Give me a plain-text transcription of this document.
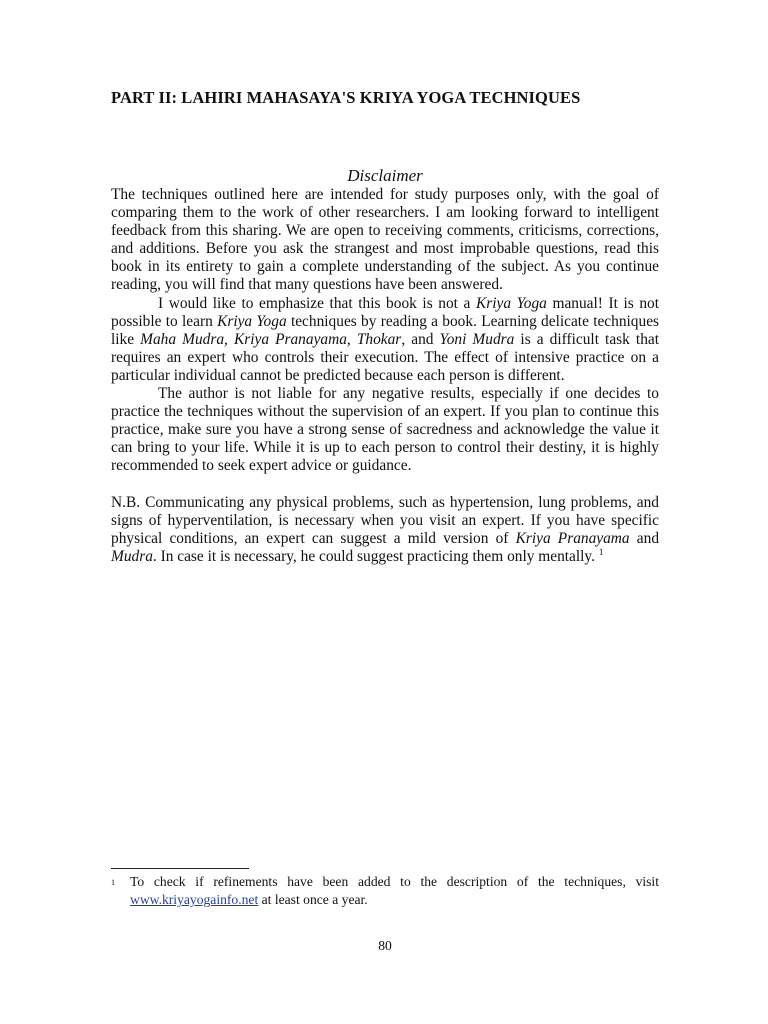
PART II: LAHIRI MAHASAYA'S KRIYA YOGA TECHNIQUES
Disclaimer

The techniques outlined here are intended for study purposes only, with the goal of comparing them to the work of other researchers. I am looking forward to intelligent feedback from this sharing. We are open to receiving comments, criticisms, corrections, and additions. Before you ask the strangest and most improbable questions, read this book in its entirety to gain a complete understanding of the subject. As you continue reading, you will find that many questions have been answered.

I would like to emphasize that this book is not a Kriya Yoga manual! It is not possible to learn Kriya Yoga techniques by reading a book. Learning delicate techniques like Maha Mudra, Kriya Pranayama, Thokar, and Yoni Mudra is a difficult task that requires an expert who controls their execution. The effect of intensive practice on a particular individual cannot be predicted because each person is different.

The author is not liable for any negative results, especially if one decides to practice the techniques without the supervision of an expert. If you plan to continue this practice, make sure you have a strong sense of sacredness and acknowledge the value it can bring to your life. While it is up to each person to control their destiny, it is highly recommended to seek expert advice or guidance.

N.B. Communicating any physical problems, such as hypertension, lung problems, and signs of hyperventilation, is necessary when you visit an expert. If you have specific physical conditions, an expert can suggest a mild version of Kriya Pranayama and Mudra. In case it is necessary, he could suggest practicing them only mentally. $^1$

1 To check if refinements have been added to the description of the techniques, visit www.kriyayogainfo.net at least once a year.
80
